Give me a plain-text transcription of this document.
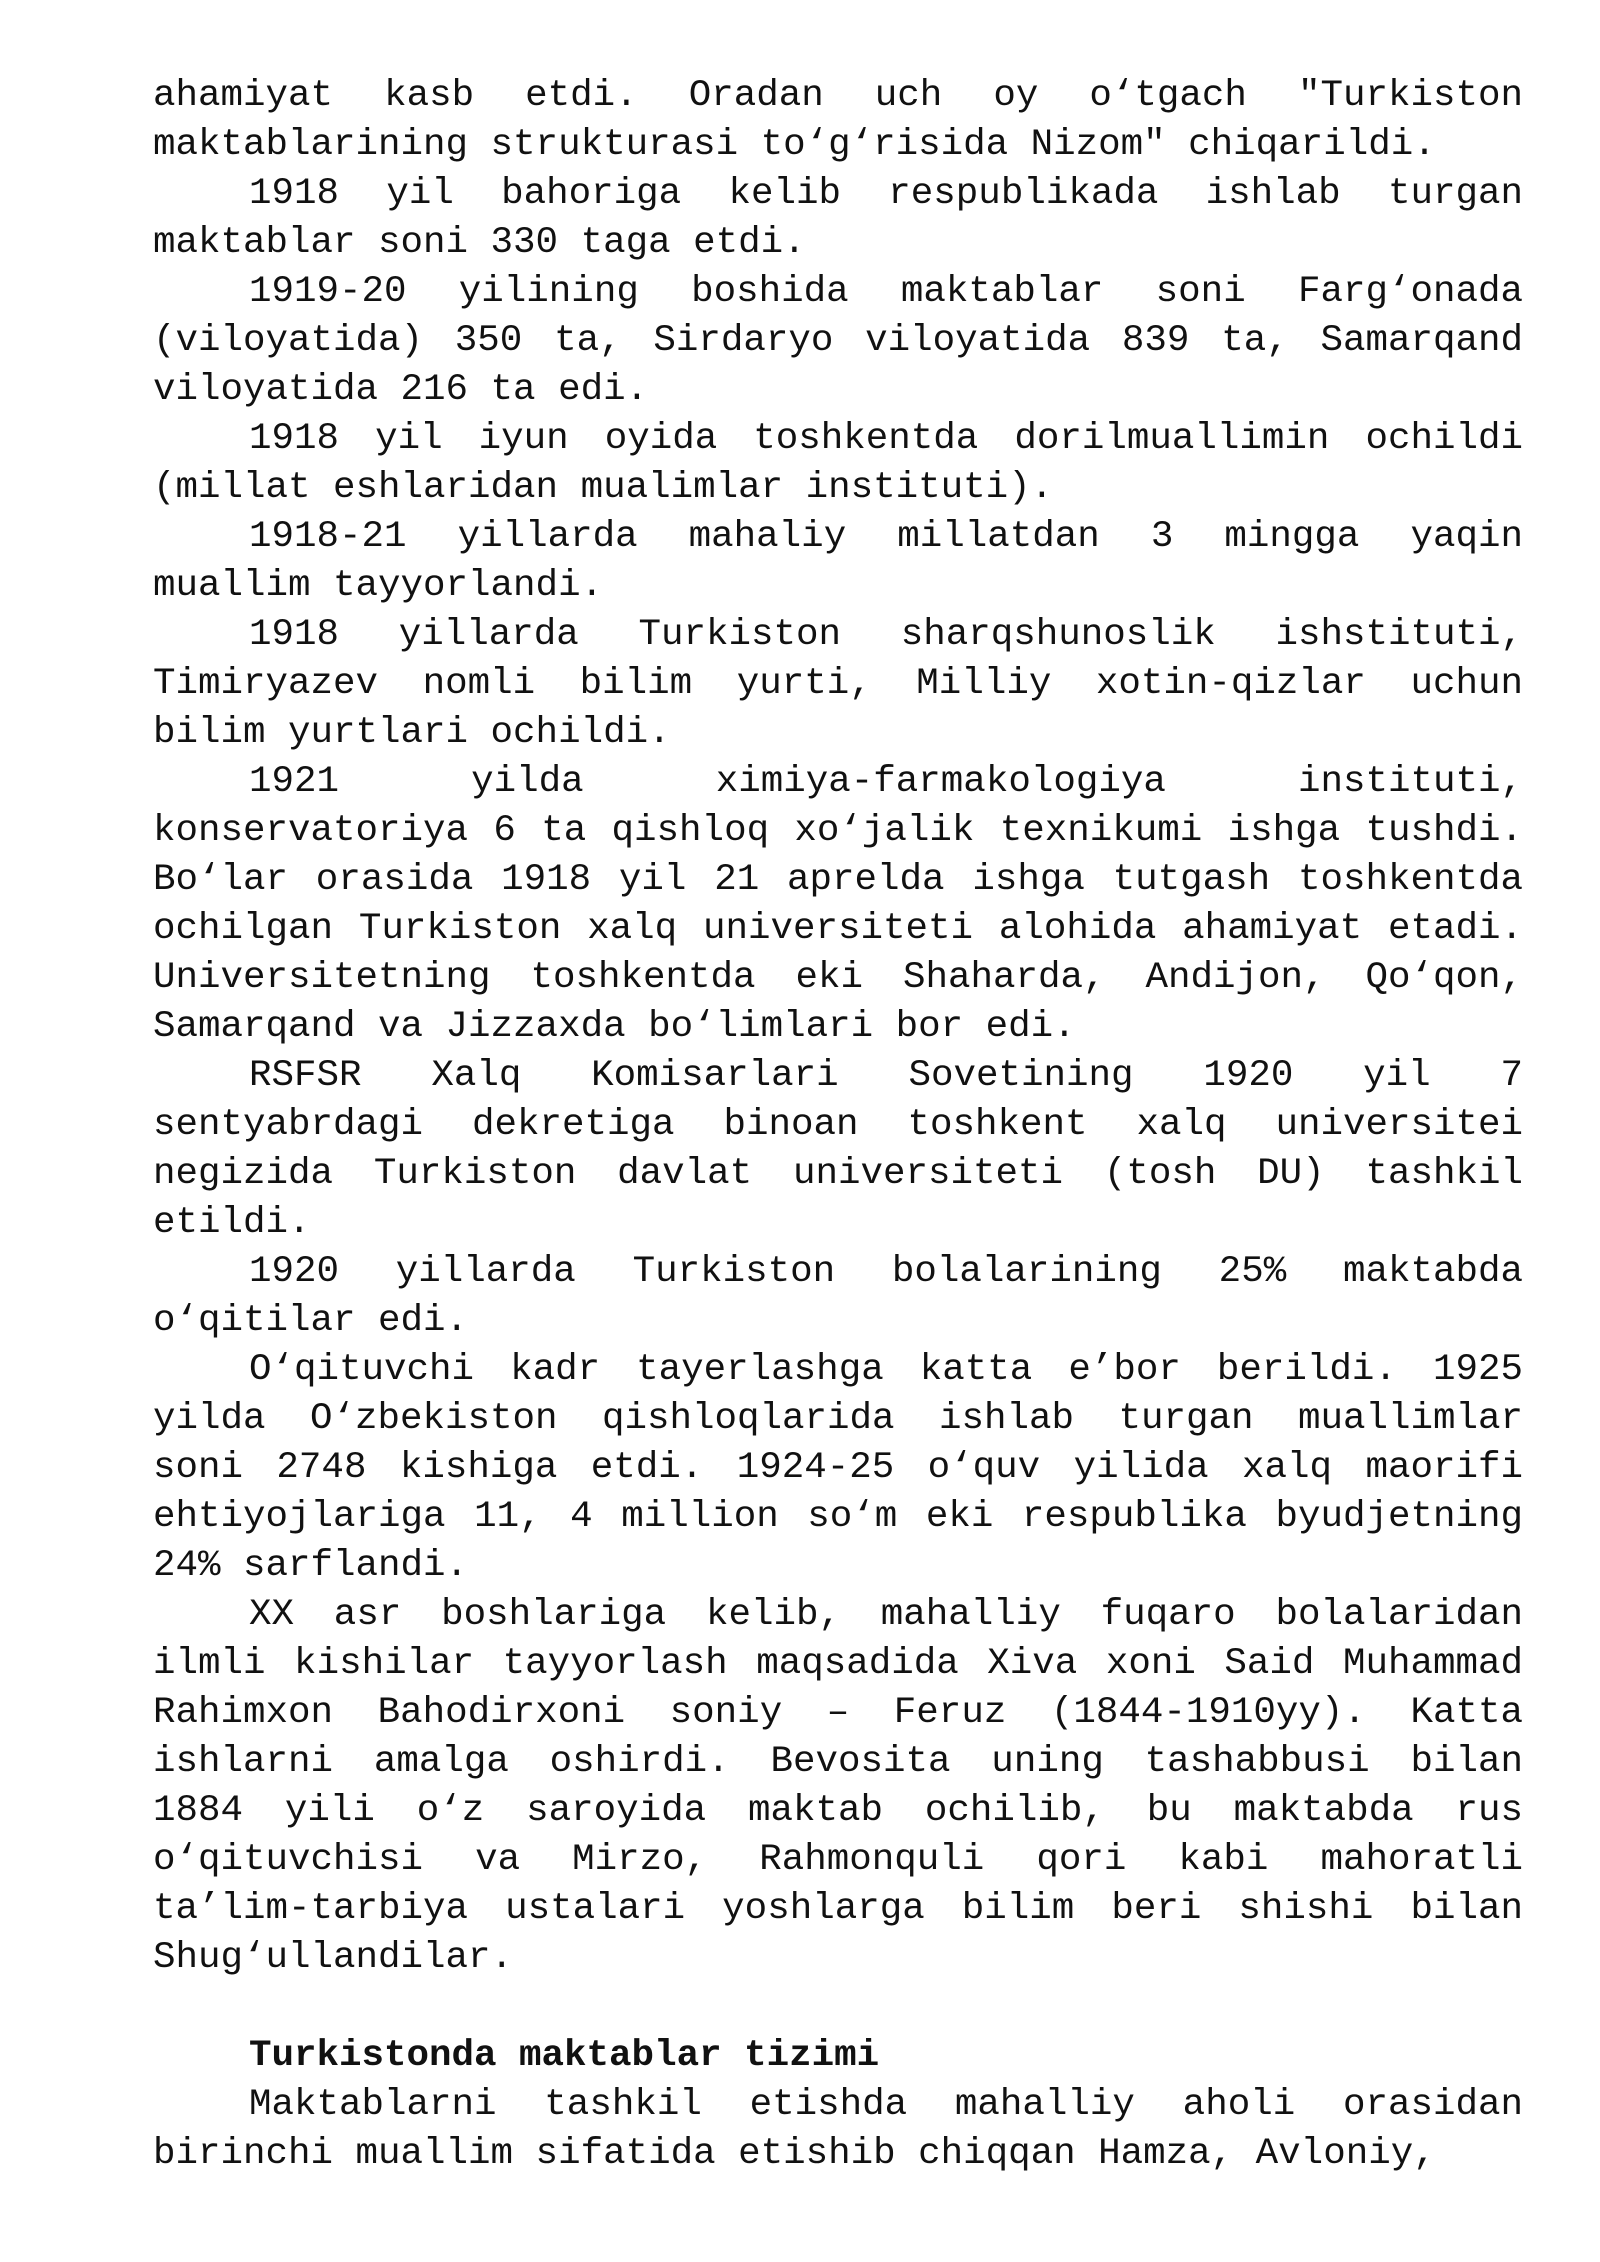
ahamiyat kasb etdi. Oradan uch oy o‘tgach "Turkiston maktablarining strukturasi to‘g‘risida Nizom" chiqarildi.

1918 yil bahoriga kelib respublikada ishlab turgan maktablar soni 330 taga etdi.

1919-20 yilining boshida maktablar soni Farg‘onada (viloyatida) 350 ta, Sirdaryo viloyatida 839 ta, Samarqand viloyatida 216 ta edi.

1918 yil iyun oyida toshkentda dorilmuallimin ochildi (millat eshlaridan mualimlar instituti).

1918-21 yillarda mahaliy millatdan 3 mingga yaqin muallim tayyorlandi.

1918 yillarda Turkiston sharqshunoslik ishstituti, Timiryazev nomli bilim yurti, Milliy xotin-qizlar uchun bilim yurtlari ochildi.

1921 yilda ximiya-farmakologiya instituti, konservatoriya 6 ta qishloq xo‘jalik texnikumi ishga tushdi. Bo‘lar orasida 1918 yil 21 aprelda ishga tutgash toshkentda ochilgan Turkiston xalq universiteti alohida ahamiyat etadi. Universitetning toshkentda eki Shaharda, Andijon, Qo‘qon, Samarqand va Jizzaxda bo‘limlari bor edi.

RSFSR Xalq Komisarlari Sovetining 1920 yil 7 sentyabrdagi dekretiga binoan toshkent xalq universitei negizida Turkiston davlat universiteti (tosh DU) tashkil etildi.

1920 yillarda Turkiston bolalarining 25% maktabda o‘qitilar edi.

O‘qituvchi kadr tayerlashga katta e’bor berildi. 1925 yilda O‘zbekiston qishloqlarida ishlab turgan muallimlar soni 2748 kishiga etdi. 1924-25 o‘quv yilida xalq maorifi ehtiyojlariga 11, 4 million so‘m eki respublika byudjetning 24% sarflandi.

XX asr boshlariga kelib, mahalliy fuqaro bolalaridan ilmli kishilar tayyorlash maqsadida Xiva xoni Said Muhammad Rahimxon Bahodirxoni soniy – Feruz (1844-1910yy). Katta ishlarni amalga oshirdi. Bevosita uning tashabbusi bilan 1884 yili o‘z saroyida maktab ochilib, bu maktabda rus o‘qituvchisi va Mirzo, Rahmonquli qori kabi mahoratli ta’lim-tarbiya ustalari yoshlarga bilim beri shishi bilan Shug‘ullandilar.

Turkistonda maktablar tizimi

Maktablarni tashkil etishda mahalliy aholi orasidan birinchi muallim sifatida etishib chiqqan Hamza, Avloniy,
